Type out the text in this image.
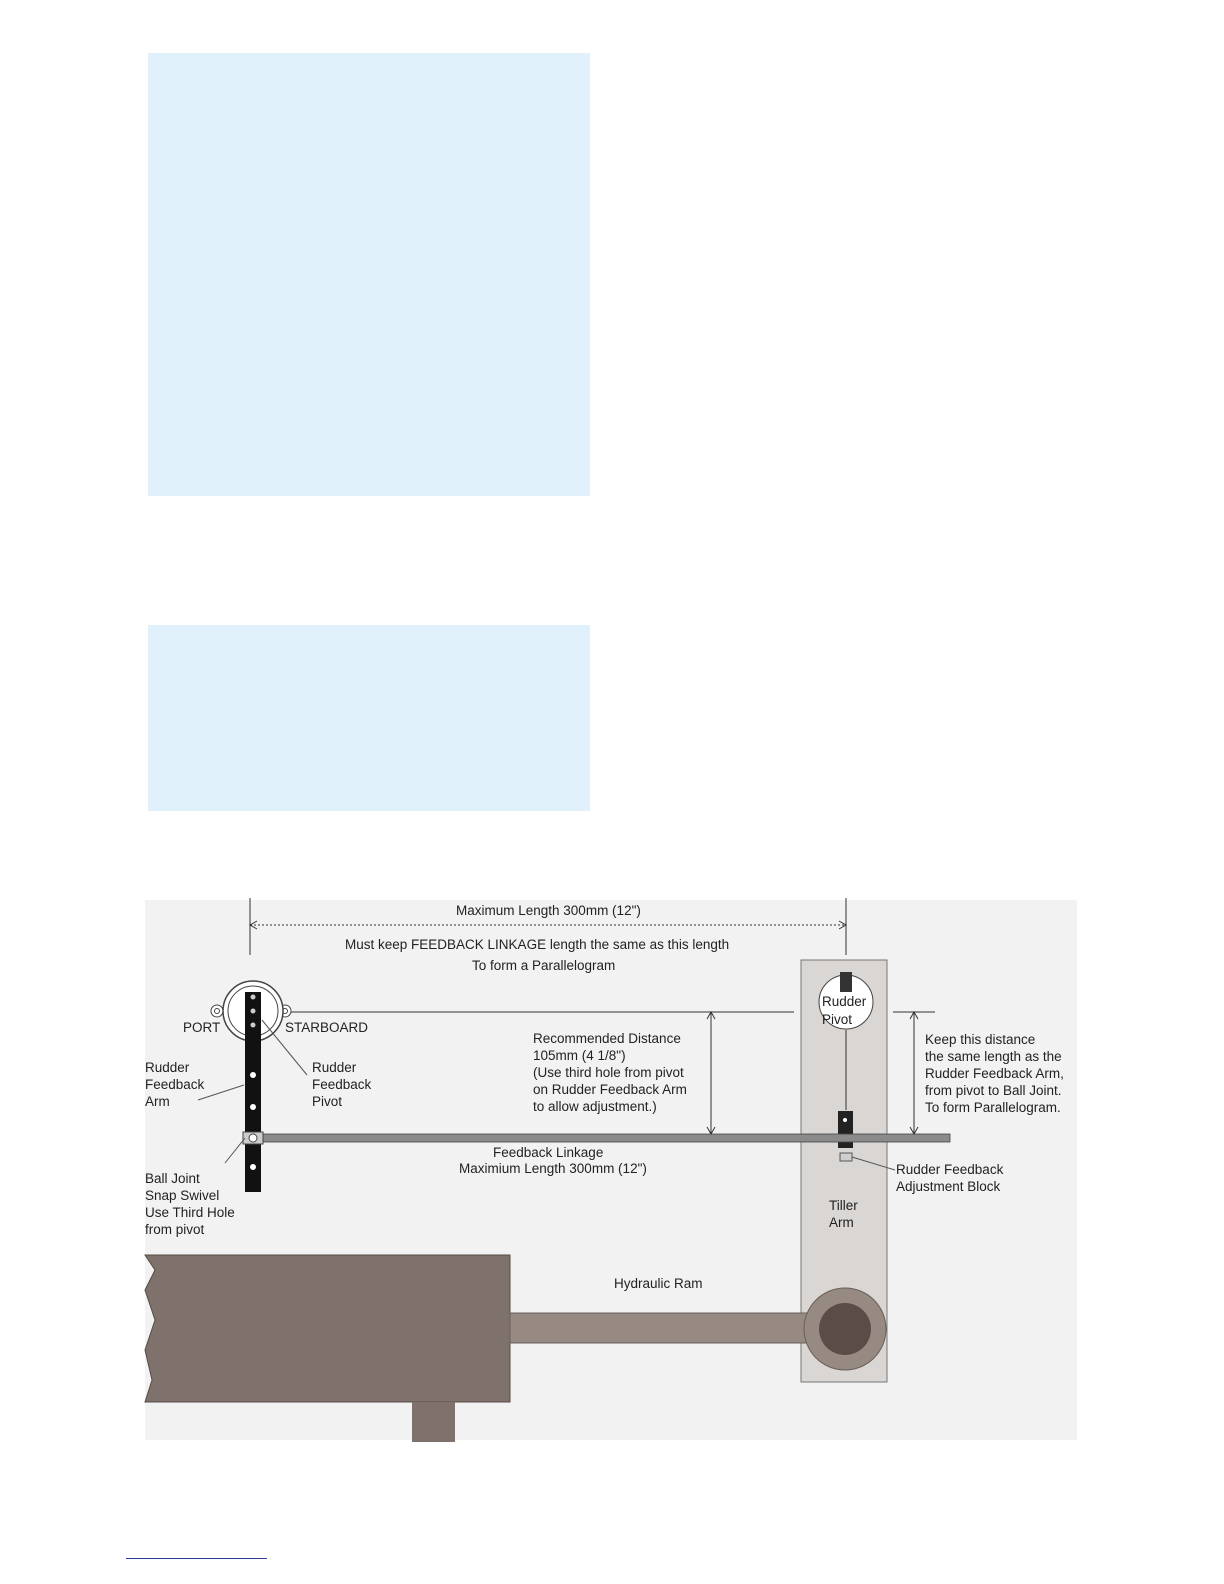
Maximum Length 300mm (12")
Must keep FEEDBACK LINKAGE length the same as this length
To form a Parallelogram
Rudder
Pivot
PORT	STARBOARD
Recommended Distance
105mm (4 1/8")
(Use third hole from pivot
on Rudder Feedback Arm
to allow adjustment.)
Keep this distance
the same length as the
Rudder Feedback Arm,
from pivot to Ball Joint.
To form Parallelogram.
Rudder
Feedback
Arm
Rudder
Feedback
Pivot
Feedback Linkage
Maximium Length 300mm (12")	Rudder Feedback
Adjustment Block
Ball Joint
Snap Swivel
Use Third Hole
from pivot
Tiller
Arm
Hydraulic Ram
